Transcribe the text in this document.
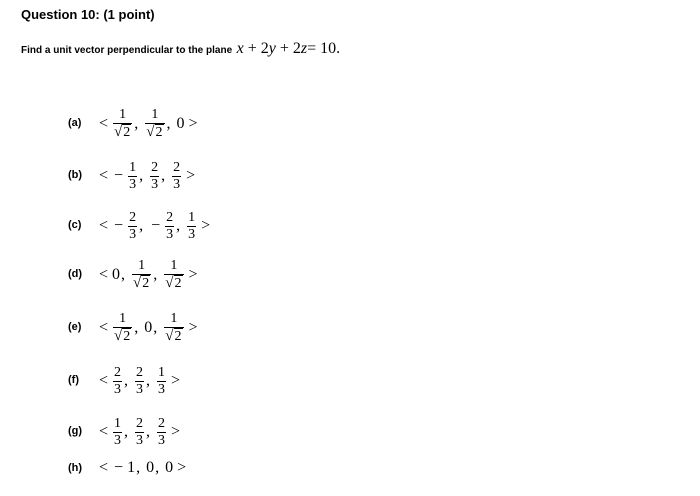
Question 10: (1 point)
Find a unit vector perpendicular to the plane x + 2y + 2z= 10.
$(a) < \frac{1}{√ 2}$ , $\frac{1}{√ 2}$ , 0 >
(b) < − $\frac{1}{3}$ , $\frac{2}{3}$ , $\frac{2}{3}$ >
(c) < − $\frac{2}{3}$ , − $\frac{2}{3}$ , $\frac{1}{3}$ >
(d) < 0 , $\frac{1}{√ 2}$ , $\frac{1}{√ 2}$ >
$(e) < \frac{1}{√ 2}$ , 0 , $\frac{1}{√ 2}$ >
$(f) < \frac{2}{3}$ , $\frac{2}{3}$ , $\frac{1}{3}$ >
$(g) < \frac{1}{3}$ , $\frac{2}{3}$ , $\frac{2}{3}$ >
(h) < − 1 , 0 , 0 >
